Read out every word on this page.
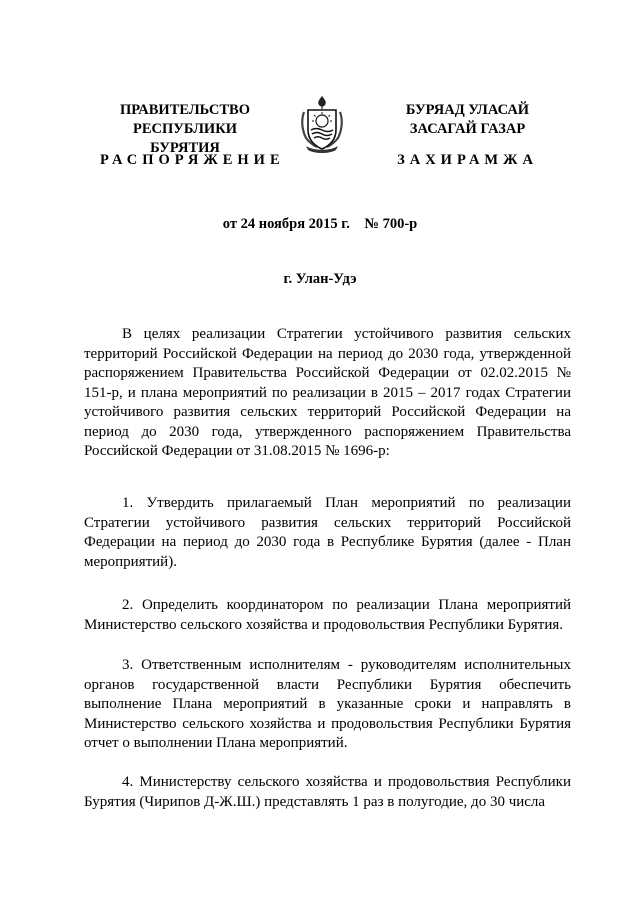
ПРАВИТЕЛЬСТВО
РЕСПУБЛИКИ БУРЯТИЯ
БУРЯАД УЛАСАЙ
ЗАСАГАЙ ГАЗАР
РАСПОРЯЖЕНИЕ	ЗАХИРАМЖА
от 24 ноября 2015 г.    № 700-р
г. Улан-Удэ
В целях реализации Стратегии устойчивого развития сельских территорий Российской Федерации на период до 2030 года, утвержденной распоряжением Правительства Российской Федерации от 02.02.2015 № 151-р, и плана мероприятий по реализации в 2015 – 2017 годах Стратегии устойчивого развития сельских территорий Российской Федерации на период до 2030 года, утвержденного распоряжением Правительства Российской Федерации от 31.08.2015 № 1696-р:
1. Утвердить прилагаемый План мероприятий по реализации Стратегии устойчивого развития сельских территорий Российской Федерации на период до 2030 года в Республике Бурятия (далее - План мероприятий).
2. Определить координатором по реализации Плана мероприятий Министерство сельского хозяйства и продовольствия Республики Бурятия.
3. Ответственным исполнителям - руководителям исполнительных органов государственной власти Республики Бурятия обеспечить выполнение Плана мероприятий в указанные сроки и направлять в Министерство сельского хозяйства и продовольствия Республики Бурятия отчет о выполнении Плана мероприятий.
4. Министерству сельского хозяйства и продовольствия Республики Бурятия (Чирипов Д-Ж.Ш.) представлять 1 раз в полугодие, до 30 числа
